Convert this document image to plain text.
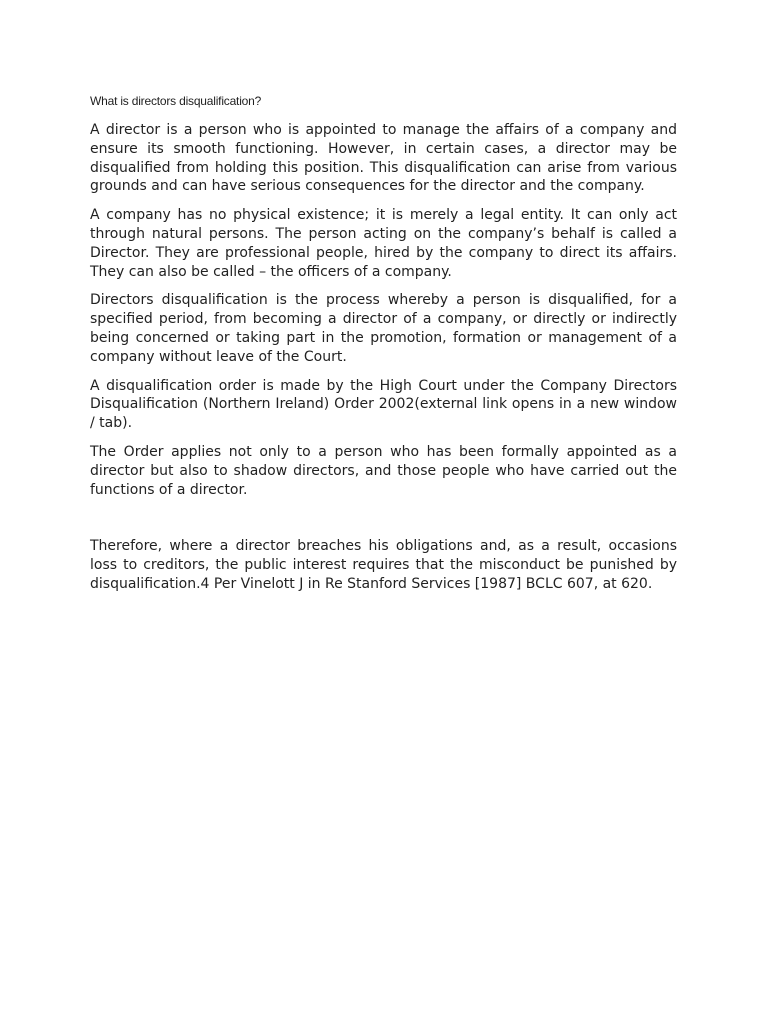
What is directors disqualification?

A director is a person who is appointed to manage the affairs of a company and ensure its smooth functioning. However, in certain cases, a director may be disqualified from holding this position. This disqualification can arise from various grounds and can have serious consequences for the director and the company.

A company has no physical existence; it is merely a legal entity. It can only act through natural persons. The person acting on the company’s behalf is called a Director. They are professional people, hired by the company to direct its affairs. They can also be called – the officers of a company.

Directors disqualification is the process whereby a person is disqualified, for a specified period, from becoming a director of a company, or directly or indirectly being concerned or taking part in the promotion, formation or management of a company without leave of the Court.

A disqualification order is made by the High Court under the Company Directors Disqualification (Northern Ireland) Order 2002(external link opens in a new window / tab).

The Order applies not only to a person who has been formally appointed as a director but also to shadow directors, and those people who have carried out the functions of a director.

Therefore, where a director breaches his obligations and, as a result, occasions loss to creditors, the public interest requires that the misconduct be punished by disqualification.4 Per Vinelott J in Re Stanford Services [1987] BCLC 607, at 620.
